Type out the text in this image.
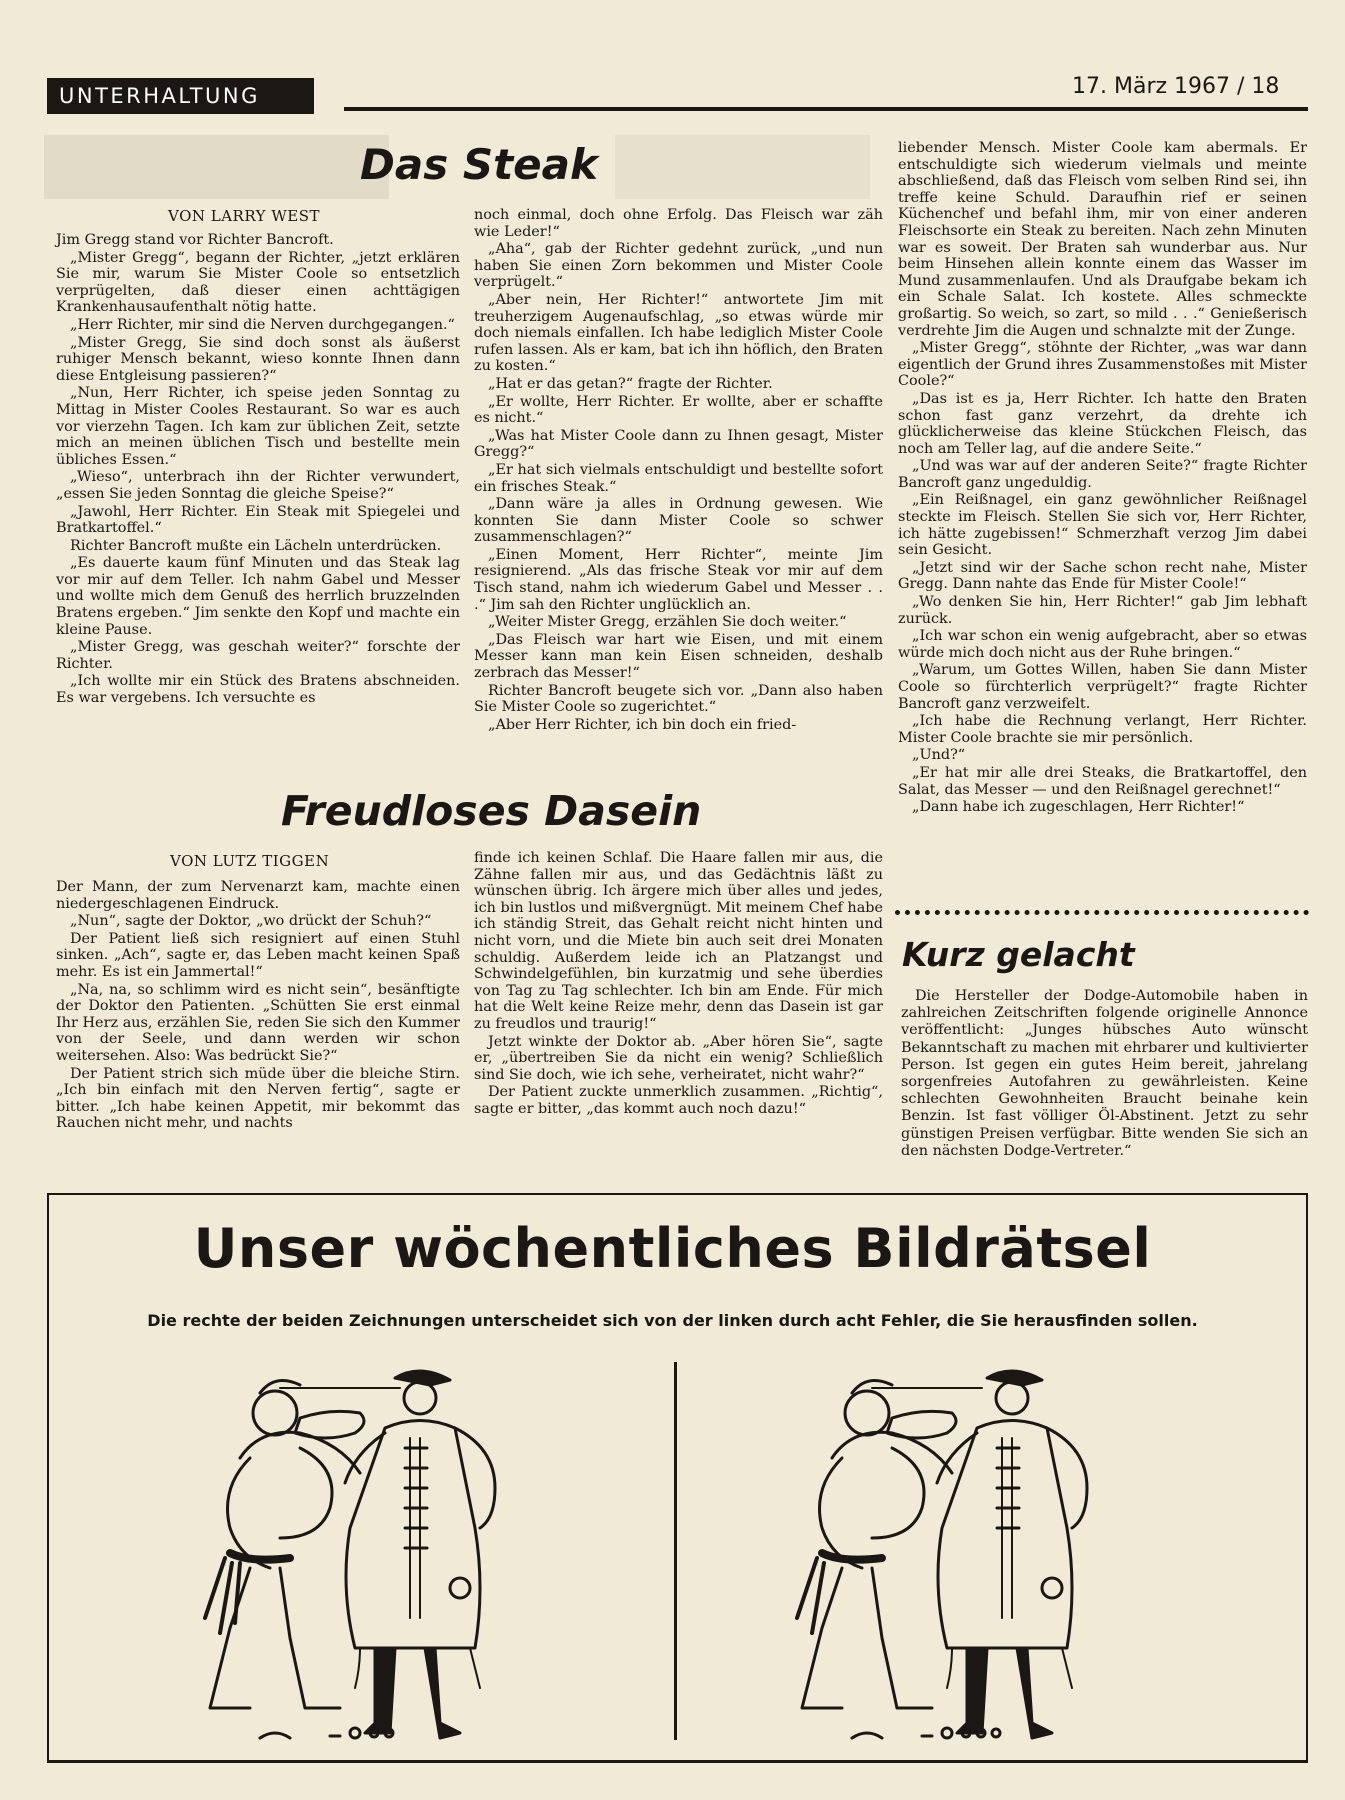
UNTERHALTUNG	17. März 1967 / 18
Das Steak
VON LARRY WEST

Jim Gregg stand vor Richter Bancroft.

„Mister Gregg“, begann der Richter, „jetzt erklären Sie mir, warum Sie Mister Coole so entsetzlich verprügelten, daß dieser einen achttägigen Krankenhausaufenthalt nötig hatte.

„Herr Richter, mir sind die Nerven durchgegangen.“

„Mister Gregg, Sie sind doch sonst als äußerst ruhiger Mensch bekannt, wieso konnte Ihnen dann diese Entgleisung passieren?“

„Nun, Herr Richter, ich speise jeden Sonntag zu Mittag in Mister Cooles Restaurant. So war es auch vor vierzehn Tagen. Ich kam zur üblichen Zeit, setzte mich an meinen üblichen Tisch und bestellte mein übliches Essen.“

„Wieso“, unterbrach ihn der Richter verwundert, „essen Sie jeden Sonntag die gleiche Speise?“

„Jawohl, Herr Richter. Ein Steak mit Spiegelei und Bratkartoffel.“

Richter Bancroft mußte ein Lächeln unterdrücken.

„Es dauerte kaum fünf Minuten und das Steak lag vor mir auf dem Teller. Ich nahm Gabel und Messer und wollte mich dem Genuß des herrlich bruzzelnden Bratens ergeben.“ Jim senkte den Kopf und machte ein kleine Pause.

„Mister Gregg, was geschah weiter?“ forschte der Richter.

„Ich wollte mir ein Stück des Bratens abschneiden. Es war vergebens. Ich versuchte es

noch einmal, doch ohne Erfolg. Das Fleisch war zäh wie Leder!“

„Aha“, gab der Richter gedehnt zurück, „und nun haben Sie einen Zorn bekommen und Mister Coole verprügelt.“

„Aber nein, Her Richter!“ antwortete Jim mit treuherzigem Augenaufschlag, „so etwas würde mir doch niemals einfallen. Ich habe lediglich Mister Coole rufen lassen. Als er kam, bat ich ihn höflich, den Braten zu kosten.“

„Hat er das getan?“ fragte der Richter.

„Er wollte, Herr Richter. Er wollte, aber er schaffte es nicht.“

„Was hat Mister Coole dann zu Ihnen gesagt, Mister Gregg?“

„Er hat sich vielmals entschuldigt und bestellte sofort ein frisches Steak.“

„Dann wäre ja alles in Ordnung gewesen. Wie konnten Sie dann Mister Coole so schwer zusammenschlagen?“

„Einen Moment, Herr Richter“, meinte Jim resignierend. „Als das frische Steak vor mir auf dem Tisch stand, nahm ich wiederum Gabel und Messer . . .“ Jim sah den Richter unglücklich an.

„Weiter Mister Gregg, erzählen Sie doch weiter.“

„Das Fleisch war hart wie Eisen, und mit einem Messer kann man kein Eisen schneiden, deshalb zerbrach das Messer!“

Richter Bancroft beugete sich vor. „Dann also haben Sie Mister Coole so zugerichtet.“

„Aber Herr Richter, ich bin doch ein fried-

liebender Mensch. Mister Coole kam abermals. Er entschuldigte sich wiederum vielmals und meinte abschließend, daß das Fleisch vom selben Rind sei, ihn treffe keine Schuld. Daraufhin rief er seinen Küchenchef und befahl ihm, mir von einer anderen Fleischsorte ein Steak zu bereiten. Nach zehn Minuten war es soweit. Der Braten sah wunderbar aus. Nur beim Hinsehen allein konnte einem das Wasser im Mund zusammenlaufen. Und als Draufgabe bekam ich ein Schale Salat. Ich kostete. Alles schmeckte großartig. So weich, so zart, so mild . . .“ Genießerisch verdrehte Jim die Augen und schnalzte mit der Zunge.

„Mister Gregg“, stöhnte der Richter, „was war dann eigentlich der Grund ihres Zusammenstoßes mit Mister Coole?“

„Das ist es ja, Herr Richter. Ich hatte den Braten schon fast ganz verzehrt, da drehte ich glücklicherweise das kleine Stückchen Fleisch, das noch am Teller lag, auf die andere Seite.“

„Und was war auf der anderen Seite?“ fragte Richter Bancroft ganz ungeduldig.

„Ein Reißnagel, ein ganz gewöhnlicher Reißnagel steckte im Fleisch. Stellen Sie sich vor, Herr Richter, ich hätte zugebissen!“ Schmerzhaft verzog Jim dabei sein Gesicht.

„Jetzt sind wir der Sache schon recht nahe, Mister Gregg. Dann nahte das Ende für Mister Coole!“

„Wo denken Sie hin, Herr Richter!“ gab Jim lebhaft zurück.

„Ich war schon ein wenig aufgebracht, aber so etwas würde mich doch nicht aus der Ruhe bringen.“

„Warum, um Gottes Willen, haben Sie dann Mister Coole so fürchterlich verprügelt?“ fragte Richter Bancroft ganz verzweifelt.

„Ich habe die Rechnung verlangt, Herr Richter. Mister Coole brachte sie mir persönlich.

„Und?“

„Er hat mir alle drei Steaks, die Bratkartoffel, den Salat, das Messer — und den Reißnagel gerechnet!“

„Dann habe ich zugeschlagen, Herr Richter!“

Freudloses Dasein
VON LUTZ TIGGEN

Der Mann, der zum Nervenarzt kam, machte einen niedergeschlagenen Eindruck.

„Nun“, sagte der Doktor, „wo drückt der Schuh?“

Der Patient ließ sich resigniert auf einen Stuhl sinken. „Ach“, sagte er, das Leben macht keinen Spaß mehr. Es ist ein Jammertal!“

„Na, na, so schlimm wird es nicht sein“, besänftigte der Doktor den Patienten. „Schütten Sie erst einmal Ihr Herz aus, erzählen Sie, reden Sie sich den Kummer von der Seele, und dann werden wir schon weitersehen. Also: Was bedrückt Sie?“

Der Patient strich sich müde über die bleiche Stirn. „Ich bin einfach mit den Nerven fertig“, sagte er bitter. „Ich habe keinen Appetit, mir bekommt das Rauchen nicht mehr, und nachts

finde ich keinen Schlaf. Die Haare fallen mir aus, die Zähne fallen mir aus, und das Gedächtnis läßt zu wünschen übrig. Ich ärgere mich über alles und jedes, ich bin lustlos und mißvergnügt. Mit meinem Chef habe ich ständig Streit, das Gehalt reicht nicht hinten und nicht vorn, und die Miete bin auch seit drei Monaten schuldig. Außerdem leide ich an Platzangst und Schwindelgefühlen, bin kurzatmig und sehe überdies von Tag zu Tag schlechter. Ich bin am Ende. Für mich hat die Welt keine Reize mehr, denn das Dasein ist gar zu freudlos und traurig!“

Jetzt winkte der Doktor ab. „Aber hören Sie“, sagte er, „übertreiben Sie da nicht ein wenig? Schließlich sind Sie doch, wie ich sehe, verheiratet, nicht wahr?“

Der Patient zuckte unmerklich zusammen. „Richtig“, sagte er bitter, „das kommt auch noch dazu!“

Kurz gelacht

Die Hersteller der Dodge-Automobile haben in zahlreichen Zeitschriften folgende originelle Annonce veröffentlicht: „Junges hübsches Auto wünscht Bekanntschaft zu machen mit ehrbarer und kultivierter Person. Ist gegen ein gutes Heim bereit, jahrelang sorgenfreies Autofahren zu gewährleisten. Keine schlechten Gewohnheiten Braucht beinahe kein Benzin. Ist fast völliger Öl-Abstinent. Jetzt zu sehr günstigen Preisen verfügbar. Bitte wenden Sie sich an den nächsten Dodge-Vertreter.“

Unser wöchentliches Bildrätsel
Die rechte der beiden Zeichnungen unterscheidet sich von der linken durch acht Fehler, die Sie herausfinden sollen.
